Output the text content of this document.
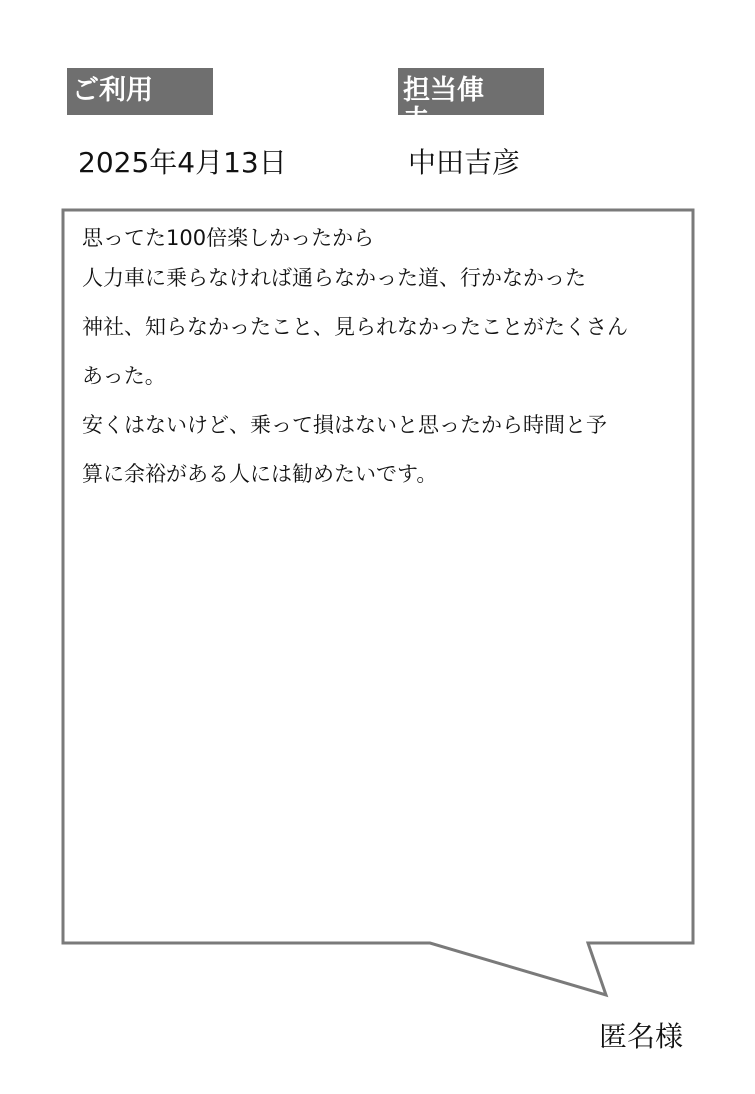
ご利用	担当俥夫
2025年4月13日	中田吉彦
思ってた100倍楽しかったから
人力車に乗らなければ通らなかった道、行かなかった
神社、知らなかったこと、見られなかったことがたくさん
あった。
安くはないけど、乗って損はないと思ったから時間と予
算に余裕がある人には勧めたいです。
匿名様
